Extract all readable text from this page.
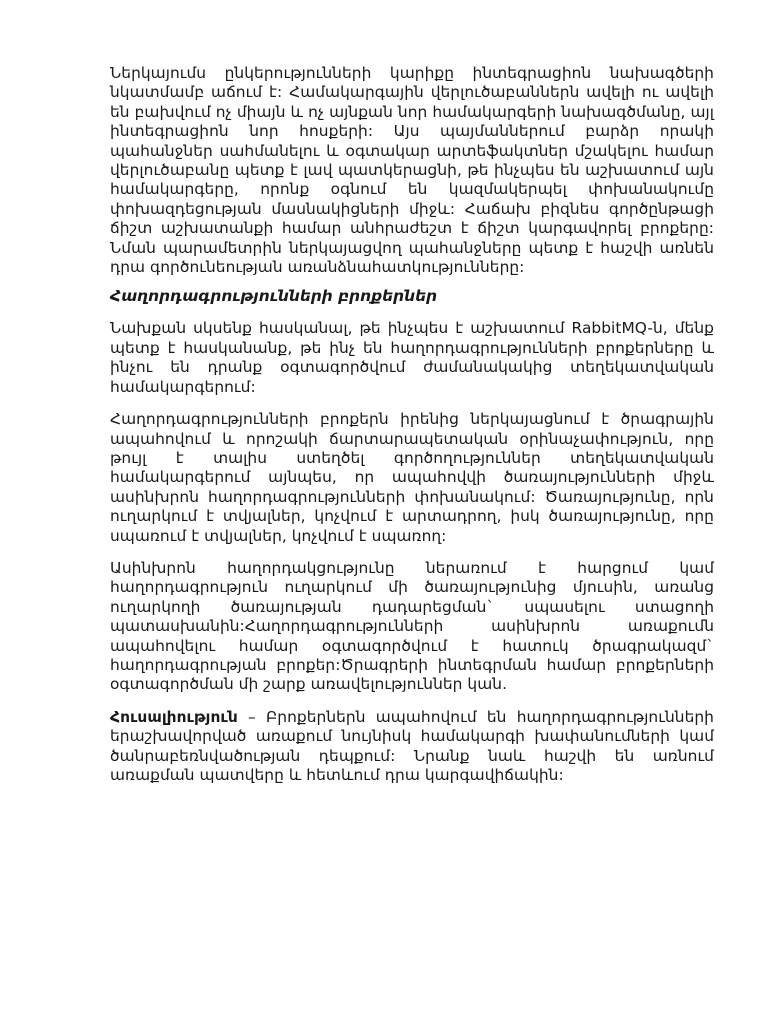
Ներկայումս ընկերությունների կարիքը ինտեգրացիոն նախագծերի նկատմամբ աճում է: Համակարգային վերլուծաբաններն ավելի ու ավելի են բախվում ոչ միայն և ոչ այնքան նոր համակարգերի նախագծմանը, այլ ինտեգրացիոն նոր հոսքերի: Այս պայմաններում բարձր որակի պահանջներ սահմանելու և օգտակար արտեֆակտներ մշակելու համար վերլուծաբանը պետք է լավ պատկերացնի, թե ինչպես են աշխատում այն համակարգերը, որոնք օգնում են կազմակերպել փոխանակումը փոխազդեցության մասնակիցների միջև: Հաճախ բիզնես գործընթացի ճիշտ աշխատանքի համար անհրաժեշտ է ճիշտ կարգավորել բրոքերը: Նման պարամետրին ներկայացվող պահանջները պետք է հաշվի առնեն դրա գործունեության առանձնահատկությունները:

Հաղորդագրությունների բրոքերներ

Նախքան սկսենք հասկանալ, թե ինչպես է աշխատում RabbitMQ-ն, մենք պետք է հասկանանք, թե ինչ են հաղորդագրությունների բրոքերները և ինչու են դրանք օգտագործվում ժամանակակից տեղեկատվական համակարգերում:

Հաղորդագրությունների բրոքերն իրենից ներկայացնում է ծրագրային ապահովում և որոշակի ճարտարապետական օրինաչափություն, որը թույլ է տալիս ստեղծել գործողություններ տեղեկատվական համակարգերում այնպես, որ ապահովվի ծառայությունների միջև ասինխրոն հաղորդագրությունների փոխանակում: Ծառայությունը, որն ուղարկում է տվյալներ, կոչվում է արտադրող, իսկ ծառայությունը, որը սպառում է տվյալներ, կոչվում է սպառող:

Ասինխրոն հաղորդակցությունը ներառում է հարցում կամ հաղորդագրություն ուղարկում մի ծառայությունից մյուսին, առանց ուղարկողի ծառայության դադարեցման` սպասելու ստացողի պատասխանին:Հաղորդագրությունների ասինխրոն առաքումն ապահովելու համար օգտագործվում է հատուկ ծրագրակազմ` հաղորդագրության բրոքեր:Ծրագրերի ինտեգրման համար բրոքերների օգտագործման մի շարք առավելություններ կան.

Հուսալիություն – Բրոքերներն ապահովում են հաղորդագրությունների երաշխավորված առաքում նույնիսկ համակարգի խափանումների կամ ծանրաբեռնվածության դեպքում: Նրանք նաև հաշվի են առնում առաքման պատվերը և հետևում դրա կարգավիճակին:
